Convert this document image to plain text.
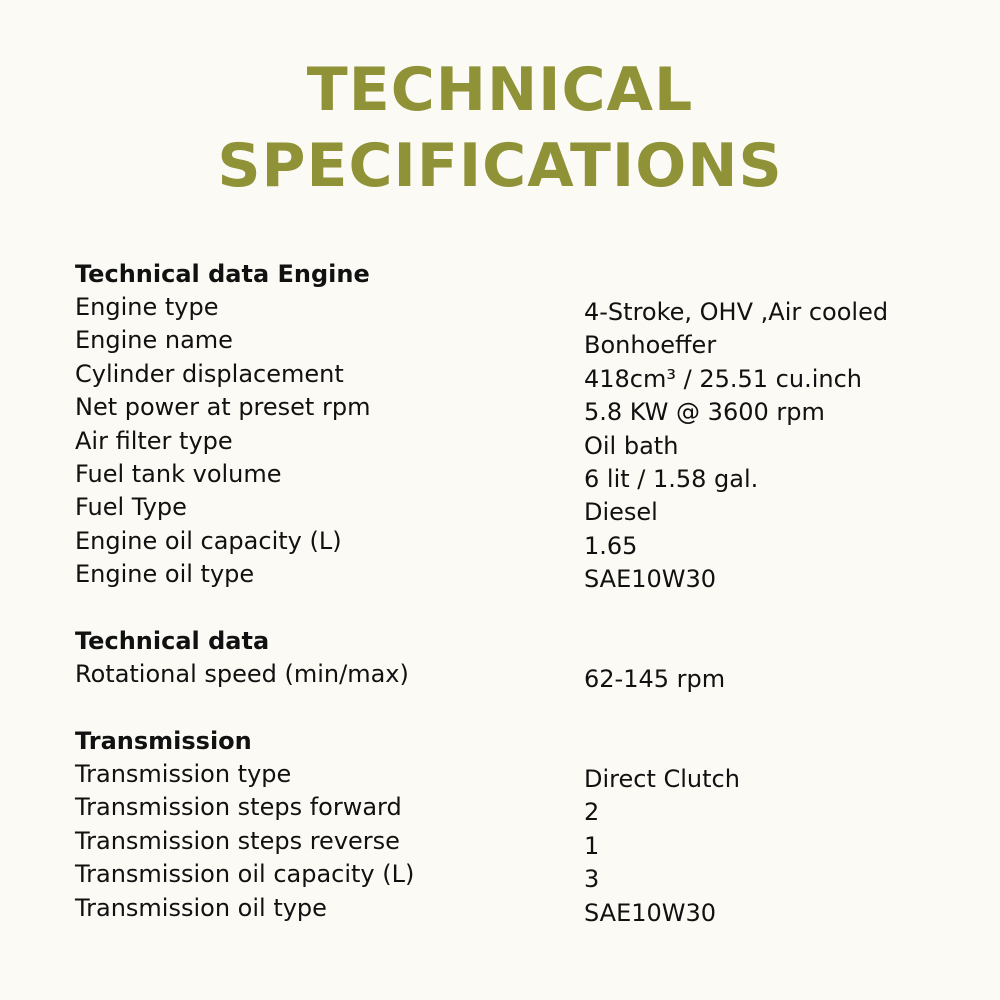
TECHNICAL
SPECIFICATIONS
Technical data Engine
Engine type	4-Stroke, OHV ,Air cooled
Engine name	Bonhoeffer
Cylinder displacement	418cm³ / 25.51 cu.inch
Net power at preset rpm	5.8 KW @ 3600 rpm
Air filter type	Oil bath
Fuel tank volume	6 lit / 1.58 gal.
Fuel Type	Diesel
Engine oil capacity (L)	1.65
Engine oil type	SAE10W30
Technical data
Rotational speed (min/max)	62-145 rpm
Transmission
Transmission type	Direct Clutch
Transmission steps forward	2
Transmission steps reverse	1
Transmission oil capacity (L)	3
Transmission oil type	SAE10W30
